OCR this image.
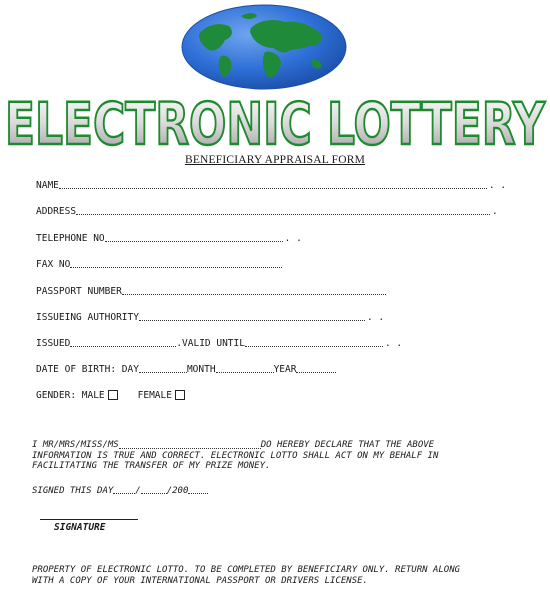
ELECTRONIC LOTTERY
BENEFICIARY APPRAISAL FORM
NAME	. .
ADDRESS	.
TELEPHONE NO	. .
FAX NO
PASSPORT NUMBER
ISSUEING AUTHORITY	. .
ISSUED	.VALID UNTIL	. .
DATE OF BIRTH: DAY	MONTH	YEAR
GENDER: MALE	FEMALE
I MR/MRS/MISS/MS	DO HEREBY DECLARE THAT THE ABOVE
INFORMATION IS TRUE AND CORRECT. ELECTRONIC LOTTO SHALL ACT ON MY BEHALF IN
FACILITATING THE TRANSFER OF MY PRIZE MONEY.
SIGNED THIS DAY /	/200
SIGNATURE
PROPERTY OF ELECTRONIC LOTTO. TO BE COMPLETED BY BENEFICIARY ONLY. RETURN ALONG
WITH A COPY OF YOUR INTERNATIONAL PASSPORT OR DRIVERS LICENSE.
